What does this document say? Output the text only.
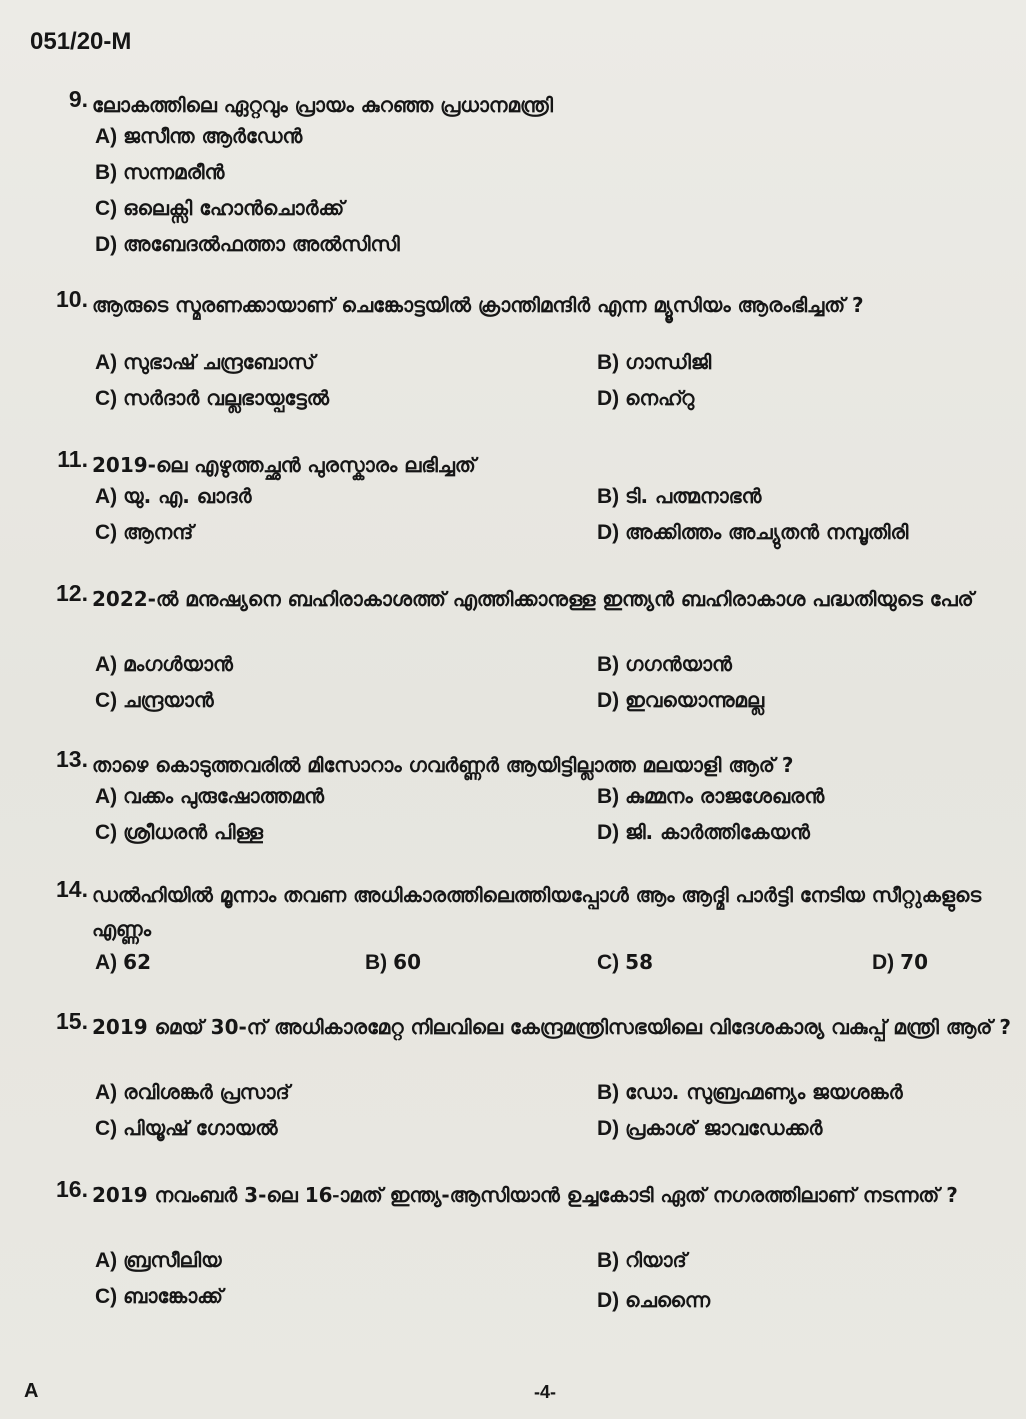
051/20-M
9. ലോകത്തിലെ ഏറ്റവും പ്രായം കുറഞ്ഞ പ്രധാനമന്ത്രി
A) ജസീന്ത ആർഡേൻ
B) സന്നമരീൻ
C) ഒലെക്സി ഹോൻചൊർക്ക്
D) അബേദൽഫത്താ അൽസിസി
10. ആരുടെ സ്മരണക്കായാണ് ചെങ്കോട്ടയിൽ ക്രാന്തിമന്ദിർ എന്ന മ്യൂസിയം ആരംഭിച്ചത് ?
A) സുഭാഷ് ചന്ദ്രബോസ്	B) ഗാന്ധിജി
C) സർദാർ വല്ലഭായ്പട്ടേൽ	D) നെഹ്റു
11. 2019-ലെ എഴുത്തച്ഛൻ പുരസ്കാരം ലഭിച്ചത്
A) യു. എ. ഖാദർ	B) ടി. പത്മനാഭൻ
C) ആനന്ദ്	D) അക്കിത്തം അച്യുതൻ നമ്പൂതിരി
12. 2022-ൽ മനുഷ്യനെ ബഹിരാകാശത്ത് എത്തിക്കാനുള്ള ഇന്ത്യൻ ബഹിരാകാശ പദ്ധതിയുടെ പേര്
A) മംഗൾയാൻ	B) ഗഗൻയാൻ
C) ചന്ദ്രയാൻ	D) ഇവയൊന്നുമല്ല
13. താഴെ കൊടുത്തവരിൽ മിസോറാം ഗവർണ്ണർ ആയിട്ടില്ലാത്ത മലയാളി ആര് ?
A) വക്കം പുരുഷോത്തമൻ	B) കുമ്മനം രാജശേഖരൻ
C) ശ്രീധരൻ പിള്ള	D) ജി. കാർത്തികേയൻ
14. ഡൽഹിയിൽ മൂന്നാം തവണ അധികാരത്തിലെത്തിയപ്പോൾ ആം ആദ്മി പാർട്ടി നേടിയ സീറ്റുകളുടെ എണ്ണം
A) 62	B) 60	C) 58	D) 70
15. 2019 മെയ് 30-ന് അധികാരമേറ്റ നിലവിലെ കേന്ദ്രമന്ത്രിസഭയിലെ വിദേശകാര്യ വകുപ്പ് മന്ത്രി ആര് ?
A) രവിശങ്കർ പ്രസാദ്	B) ഡോ. സുബ്രഹ്മണ്യം ജയശങ്കർ
C) പിയൂഷ് ഗോയൽ	D) പ്രകാശ് ജാവഡേക്കർ
16. 2019 നവംബർ 3-ലെ 16-ാമത് ഇന്ത്യ-ആസിയാൻ ഉച്ചകോടി ഏത് നഗരത്തിലാണ് നടന്നത് ?
A) ബ്രസീലിയ	B) റിയാദ്
C) ബാങ്കോക്ക്	D) ചെന്നൈ
A	-4-
